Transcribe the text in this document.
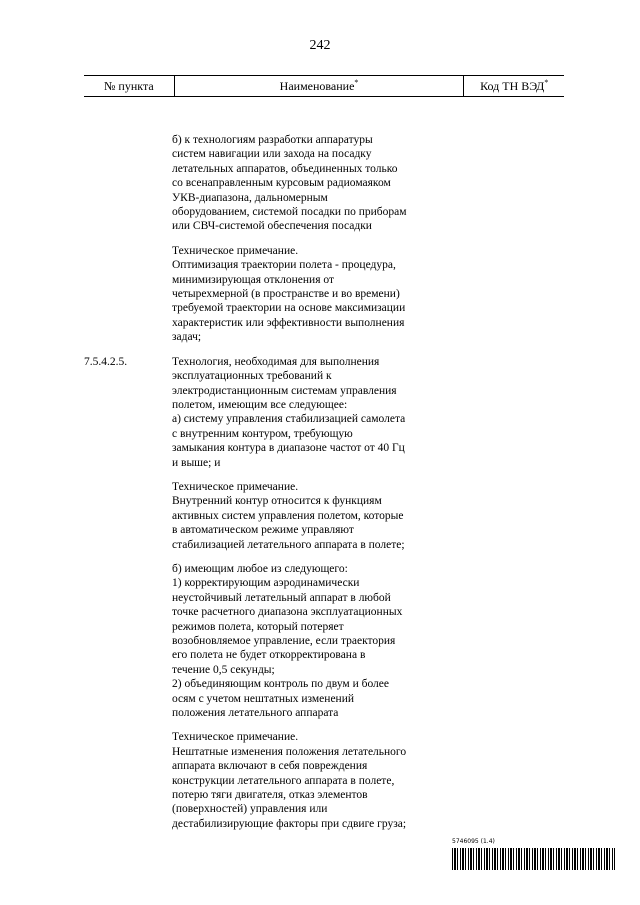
242
№ пункта	Наименование*	Код ТН ВЭД*
б) к технологиям разработки аппаратуры
систем навигации или захода на посадку
летательных аппаратов, объединенных только
со всенаправленным курсовым радиомаяком
УКВ-диапазона, дальномерным
оборудованием, системой посадки по приборам
или СВЧ-системой обеспечения посадки
Техническое примечание.
Оптимизация траектории полета - процедура,
минимизирующая отклонения от
четырехмерной (в пространстве и во времени)
требуемой траектории на основе максимизации
характеристик или эффективности выполнения
задач;
7.5.4.2.5.	Технология, необходимая для выполнения
эксплуатационных требований к
электродистанционным системам управления
полетом, имеющим все следующее:
а) систему управления стабилизацией самолета
с внутренним контуром, требующую
замыкания контура в диапазоне частот от 40 Гц
и выше; и
Техническое примечание.
Внутренний контур относится к функциям
активных систем управления полетом, которые
в автоматическом режиме управляют
стабилизацией летательного аппарата в полете;
б) имеющим любое из следующего:
1) корректирующим аэродинамически
неустойчивый летательный аппарат в любой
точке расчетного диапазона эксплуатационных
режимов полета, который потеряет
возобновляемое управление, если траектория
его полета не будет откорректирована в
течение 0,5 секунды;
2) объединяющим контроль по двум и более
осям с учетом нештатных изменений
положения летательного аппарата
Техническое примечание.
Нештатные изменения положения летательного
аппарата включают в себя повреждения
конструкции летательного аппарата в полете,
потерю тяги двигателя, отказ элементов
(поверхностей) управления или
дестабилизирующие факторы при сдвиге груза;
5746095 (1.4)
